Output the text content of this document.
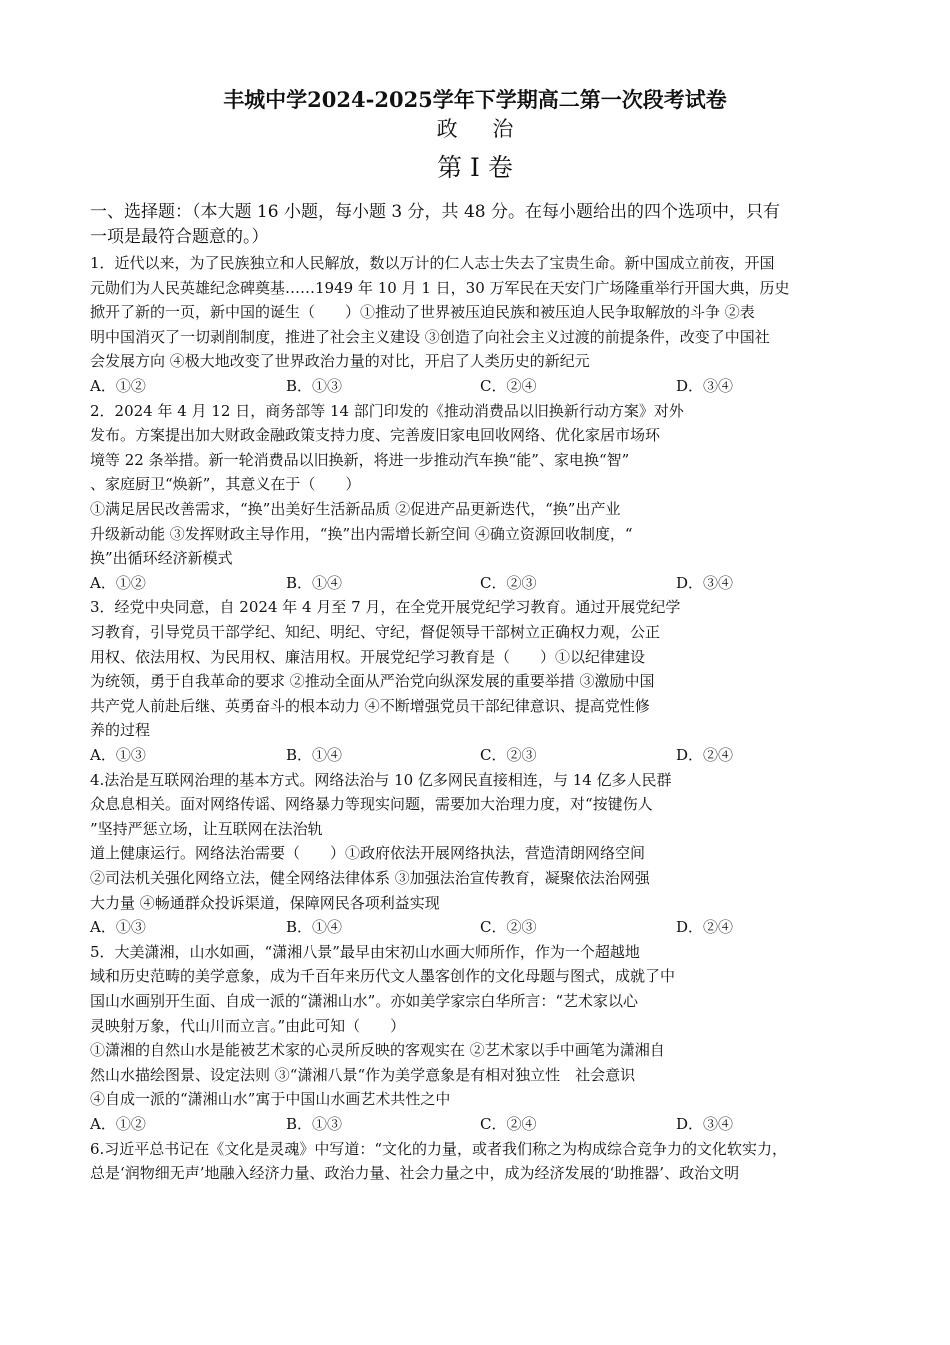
丰城中学2024-2025学年下学期高二第一次段考试卷
政 治
第 I 卷
一、选择题：（本大题 16 小题，每小题 3 分，共 48 分。在每小题给出的四个选项中，只有
一项是最符合题意的。）
1．近代以来，为了民族独立和人民解放，数以万计的仁人志士失去了宝贵生命。新中国成立前夜，开国
元勋们为人民英雄纪念碑奠基……1949 年 10 月 1 日，30 万军民在天安门广场隆重举行开国大典，历史
掀开了新的一页，新中国的诞生（　　）①推动了世界被压迫民族和被压迫人民争取解放的斗争 ②表
明中国消灭了一切剥削制度，推进了社会主义建设 ③创造了向社会主义过渡的前提条件，改变了中国社
会发展方向 ④极大地改变了世界政治力量的对比，开启了人类历史的新纪元
A．①②	B．①③	C．②④	D．③④
2．2024 年 4 月 12 日，商务部等 14 部门印发的《推动消费品以旧换新行动方案》对外
发布。方案提出加大财政金融政策支持力度、完善废旧家电回收网络、优化家居市场环
境等 22 条举措。新一轮消费品以旧换新，将进一步推动汽车换“能”、家电换“智”
、家庭厨卫“焕新”，其意义在于（　　）
①满足居民改善需求，“换”出美好生活新品质 ②促进产品更新迭代，“换”出产业
升级新动能 ③发挥财政主导作用，“换”出内需增长新空间 ④确立资源回收制度，“
换”出循环经济新模式
A．①②	B．①④	C．②③	D．③④
3．经党中央同意，自 2024 年 4 月至 7 月，在全党开展党纪学习教育。通过开展党纪学
习教育，引导党员干部学纪、知纪、明纪、守纪，督促领导干部树立正确权力观，公正
用权、依法用权、为民用权、廉洁用权。开展党纪学习教育是（　　）①以纪律建设
为统领，勇于自我革命的要求 ②推动全面从严治党向纵深发展的重要举措 ③激励中国
共产党人前赴后继、英勇奋斗的根本动力 ④不断增强党员干部纪律意识、提高党性修
养的过程
A．①③	B．①④	C．②③	D．②④
4.法治是互联网治理的基本方式。网络法治与 10 亿多网民直接相连，与 14 亿多人民群
众息息相关。面对网络传谣、网络暴力等现实问题，需要加大治理力度，对“按键伤人
”坚持严惩立场，让互联网在法治轨
道上健康运行。网络法治需要（　　）①政府依法开展网络执法，营造清朗网络空间
②司法机关强化网络立法，健全网络法律体系 ③加强法治宣传教育，凝聚依法治网强
大力量 ④畅通群众投诉渠道，保障网民各项利益实现
A．①③	B．①④	C．②③	D．②④
5．大美潇湘，山水如画，“潇湘八景”最早由宋初山水画大师所作，作为一个超越地
域和历史范畴的美学意象，成为千百年来历代文人墨客创作的文化母题与图式，成就了中
国山水画别开生面、自成一派的“潇湘山水”。亦如美学家宗白华所言：“艺术家以心
灵映射万象，代山川而立言。”由此可知（　　）
①潇湘的自然山水是能被艺术家的心灵所反映的客观实在 ②艺术家以手中画笔为潇湘自
然山水描绘图景、设定法则 ③“潇湘八景“作为美学意象是有相对独立性　社会意识
④自成一派的“潇湘山水”寓于中国山水画艺术共性之中
A．①②	B．①③	C．②④	D．③④
6.习近平总书记在《文化是灵魂》中写道：“文化的力量，或者我们称之为构成综合竞争力的文化软实力，
总是‘润物细无声’地融入经济力量、政治力量、社会力量之中，成为经济发展的‘助推器’、政治文明
